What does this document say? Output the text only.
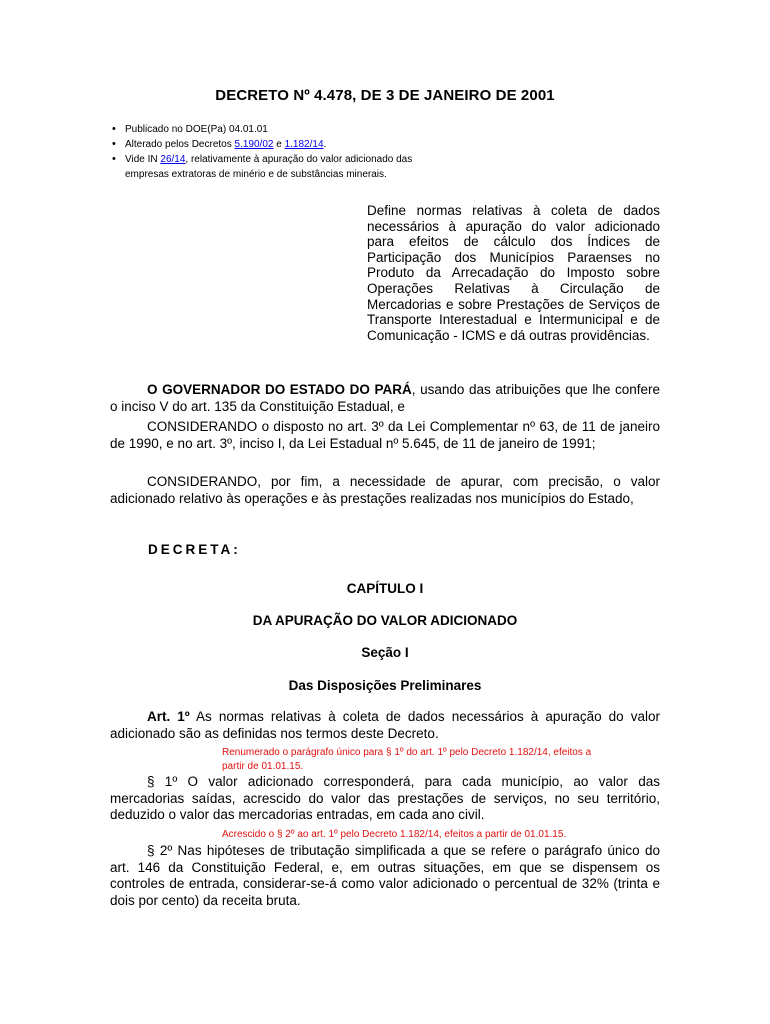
DECRETO Nº 4.478, DE 3 DE JANEIRO DE 2001
• Publicado no DOE(Pa) 04.01.01
• Alterado pelos Decretos 5.190/02 e 1.182/14.
• Vide IN 26/14, relativamente à apuração do valor adicionado das
empresas extratoras de minério e de substâncias minerais.
Define normas relativas à coleta de dados necessários à apuração do valor adicionado para efeitos de cálculo dos Índices de Participação dos Municípios Paraenses no Produto da Arrecadação do Imposto sobre Operações Relativas à Circulação de Mercadorias e sobre Prestações de Serviços de Transporte Interestadual e Intermunicipal e de Comunicação - ICMS e dá outras providências.

O GOVERNADOR DO ESTADO DO PARÁ, usando das atribuições que lhe confere o inciso V do art. 135 da Constituição Estadual, e

CONSIDERANDO o disposto no art. 3º da Lei Complementar nº 63, de 11 de janeiro de 1990, e no art. 3º, inciso I, da Lei Estadual nº 5.645, de 11 de janeiro de 1991;

CONSIDERANDO, por fim, a necessidade de apurar, com precisão, o valor adicionado relativo às operações e às prestações realizadas nos municípios do Estado,

DECRETA:

CAPÍTULO I

DA APURAÇÃO DO VALOR ADICIONADO

Seção I

Das Disposições Preliminares

Art. 1º As normas relativas à coleta de dados necessários à apuração do valor adicionado são as definidas nos termos deste Decreto.

Renumerado o parágrafo único para § 1º do art. 1º pelo Decreto 1.182/14, efeitos a
partir de 01.01.15.

§ 1º O valor adicionado corresponderá, para cada município, ao valor das mercadorias saídas, acrescido do valor das prestações de serviços, no seu território, deduzido o valor das mercadorias entradas, em cada ano civil.

Acrescido o § 2º ao art. 1º pelo Decreto 1.182/14, efeitos a partir de 01.01.15.

§ 2º Nas hipóteses de tributação simplificada a que se refere o parágrafo único do art. 146 da Constituição Federal, e, em outras situações, em que se dispensem os controles de entrada, considerar-se-á como valor adicionado o percentual de 32% (trinta e dois por cento) da receita bruta.
